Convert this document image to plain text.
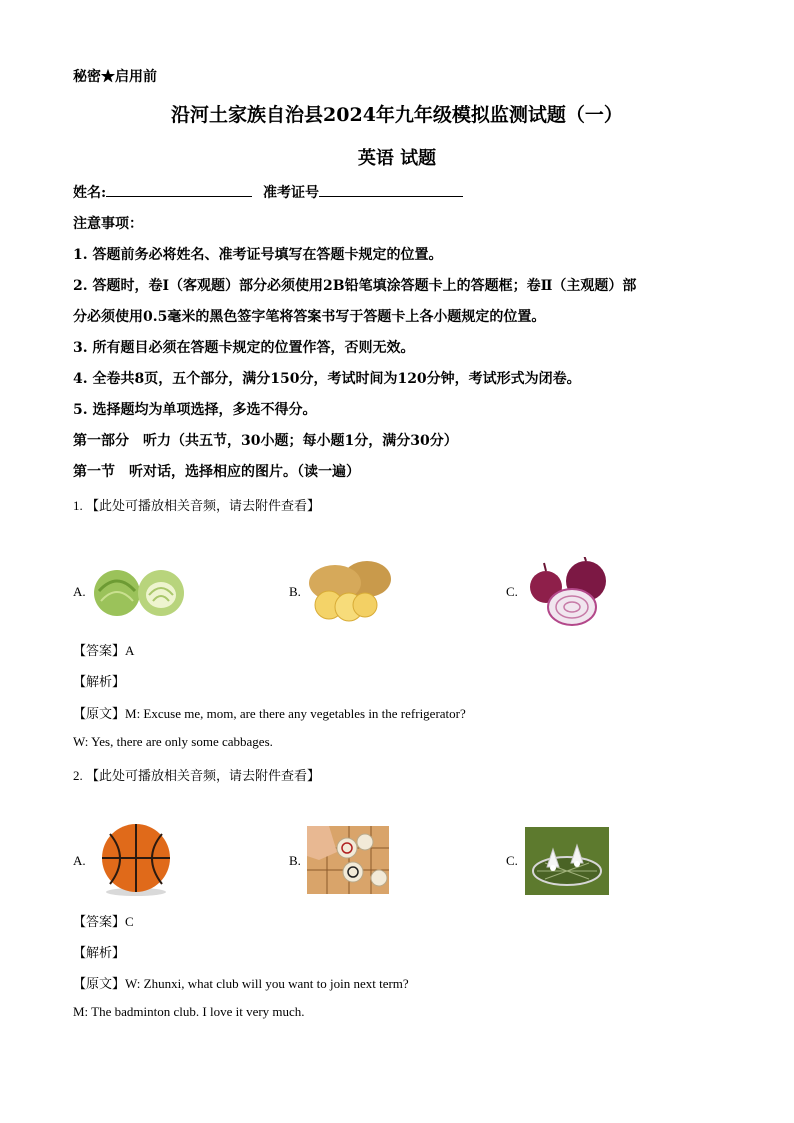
秘密★启用前
沿河土家族自治县2024年九年级模拟监测试题（一）
英语 试题
姓名:	准考证号
注意事项：
1. 答题前务必将姓名、准考证号填写在答题卡规定的位置。
2. 答题时，卷Ⅰ（客观题）部分必须使用2B铅笔填涂答题卡上的答题框；卷Ⅱ（主观题）部
分必须使用0.5毫米的黑色签字笔将答案书写于答题卡上各小题规定的位置。
3. 所有题目必须在答题卡规定的位置作答，否则无效。
4. 全卷共8页，五个部分，满分150分，考试时间为120分钟，考试形式为闭卷。
5. 选择题均为单项选择，多选不得分。
第一部分　听力（共五节，30小题；每小题1分，满分30分）
第一节　听对话，选择相应的图片。（读一遍）
1. 【此处可播放相关音频，请去附件查看】
A.	B.	C.
【答案】A
【解析】
【原文】M: Excuse me, mom, are there any vegetables in the refrigerator?
W: Yes, there are only some cabbages.
2. 【此处可播放相关音频，请去附件查看】
A.	B.	C.
【答案】C
【解析】
【原文】W: Zhunxi, what club will you want to join next term?
M: The badminton club. I love it very much.
